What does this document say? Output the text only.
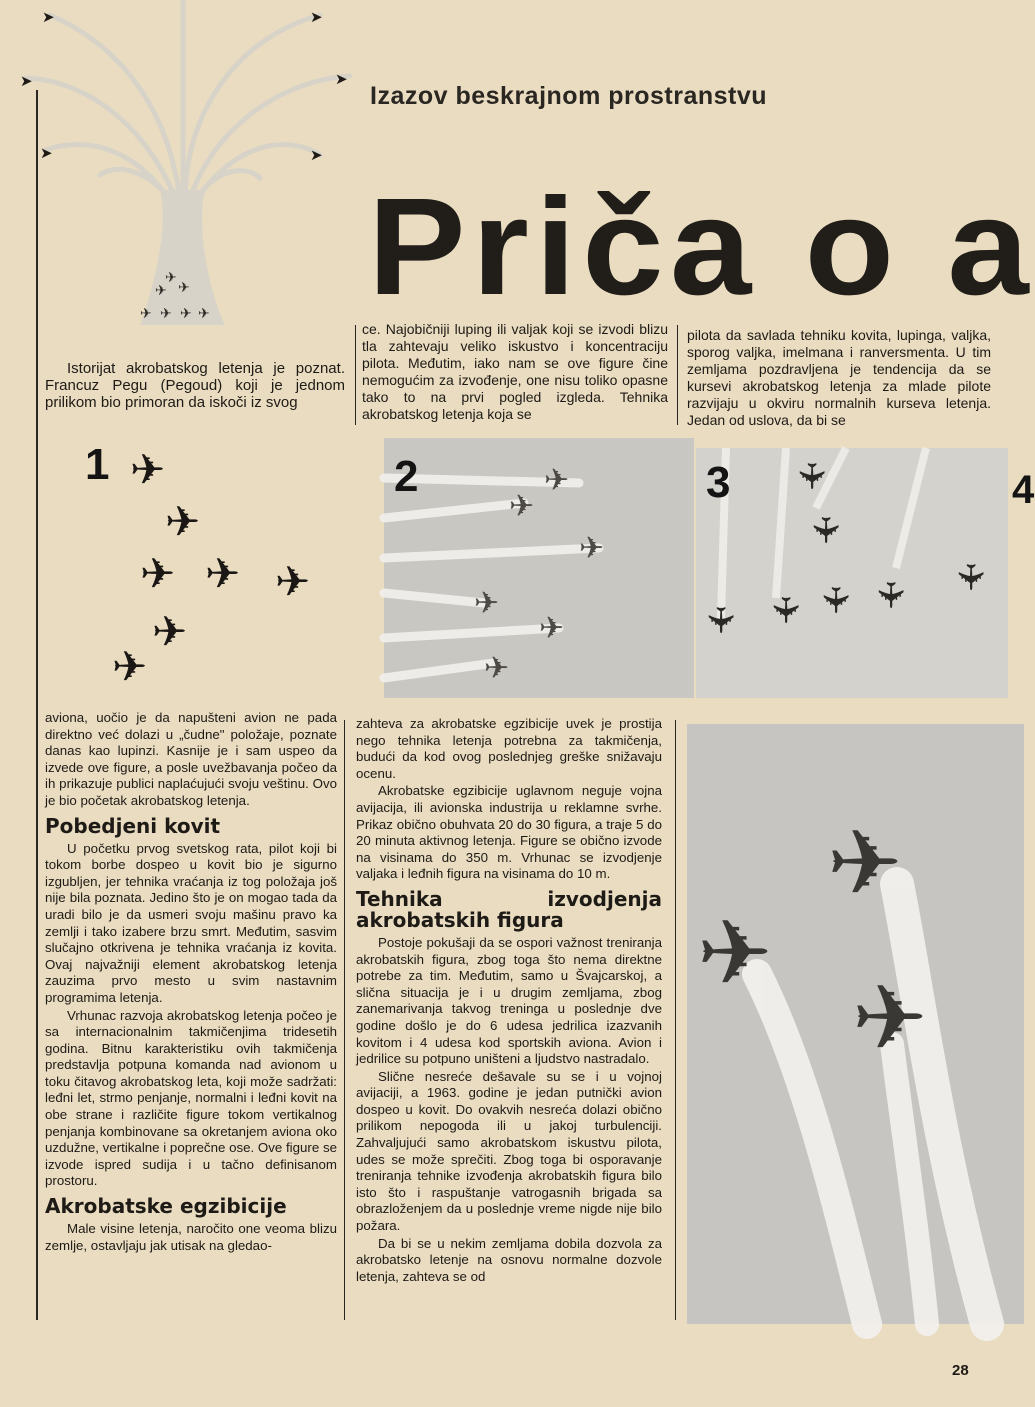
Izazov beskrajnom prostranstvu
Priča o a
✈
✈
✈
✈ ✈ ✈ ✈
➤	➤
➤	➤
➤	➤

Istorijat akrobatskog letenja je poznat. Francuz Pegu (Pegoud) koji je jednom prilikom bio primoran da iskoči iz svog

ce. Najobičniji luping ili valjak koji se izvodi blizu tla zahtevaju veliko iskustvo i koncentraciju pilota. Međutim, iako nam se ove figure čine nemogućim za izvođenje, one nisu toliko opasne tako to na prvi pogled izgleda. Tehnika akrobatskog letenja koja se

pilota da savlada tehniku kovita, lupinga, valjka, sporog valjka, imelmana i ranversmenta. U tim zemljama pozdravljena je tendencija da se kursevi akrobatskog letenja za mlade pilote razvijaju u okviru normalnih kurseva letenja. Jedan od uslova, da bi se

1 ✈
✈
✈ ✈ ✈
✈
✈
✈
✈
✈
✈
✈
✈
2	✈
✈
✈ ✈ ✈ ✈
✈
3	4
✈
✈
✈

aviona, uočio je da napušteni avion ne pada direktno već dolazi u „čudne" položaje, poznate danas kao lupinzi. Kasnije je i sam uspeo da izvede ove figure, a posle uvežbavanja počeo da ih prikazuje publici naplaćujući svoju veštinu. Ovo je bio početak akrobatskog letenja.

Pobedjeni kovit

U početku prvog svetskog rata, pilot koji bi tokom borbe dospeo u kovit bio je sigurno izgubljen, jer tehnika vraćanja iz tog položaja još nije bila poznata. Jedino što je on mogao tada da uradi bilo je da usmeri svoju mašinu pravo ka zemlji i tako izabere brzu smrt. Međutim, sasvim slučajno otkrivena je tehnika vraćanja iz kovita. Ovaj najvažniji element akrobatskog letenja zauzima prvo mesto u svim nastavnim programima letenja.

Vrhunac razvoja akrobatskog letenja počeo je sa internacionalnim takmičenjima tridesetih godina. Bitnu karakteristiku ovih takmičenja predstavlja potpuna komanda nad avionom u toku čitavog akrobatskog leta, koji može sadržati: leđni let, strmo penjanje, normalni i leđni kovit na obe strane i različite figure tokom vertikalnog penjanja kombinovane sa okretanjem aviona oko uzdužne, vertikalne i poprečne ose. Ove figure se izvode ispred sudija i u tačno definisanom prostoru.

Akrobatske egzibicije

Male visine letenja, naročito one veoma blizu zemlje, ostavljaju jak utisak na gledao-

zahteva za akrobatske egzibicije uvek je prostija nego tehnika letenja potrebna za takmičenja, budući da kod ovog poslednjeg greške snižavaju ocenu.

Akrobatske egzibicije uglavnom neguje vojna avijacija, ili avionska industrija u reklamne svrhe. Prikaz obično obuhvata 20 do 30 figura, a traje 5 do 20 minuta aktivnog letenja. Figure se obično izvode na visinama do 350 m. Vrhunac se izvodjenje valjaka i leđnih figura na visinama do 10 m.

Tehnika izvodjenja akrobatskih figura

Postoje pokušaji da se ospori važnost treniranja akrobatskih figura, zbog toga što nema direktne potrebe za tim. Međutim, samo u Švajcarskoj, a slična situacija je i u drugim zemljama, zbog zanemarivanja takvog treninga u poslednje dve godine došlo je do 6 udesa jedrilica izazvanih kovitom i 4 udesa kod sportskih aviona. Avion i jedrilice su potpuno uništeni a ljudstvo nastradalo.

Slične nesreće dešavale su se i u vojnoj avijaciji, a 1963. godine je jedan putnički avion dospeo u kovit. Do ovakvih nesreća dolazi obično prilikom nepogoda ili u jakoj turbulenciji. Zahvaljujući samo akrobatskom iskustvu pilota, udes se može sprečiti. Zbog toga bi osporavanje treniranja tehnike izvođenja akrobatskih figura bilo isto što i raspuštanje vatrogasnih brigada sa obrazloženjem da u poslednje vreme nigde nije bilo požara.

Da bi se u nekim zemljama dobila dozvola za akrobatsko letenje na osnovu normalne dozvole letenja, zahteva se od

28
